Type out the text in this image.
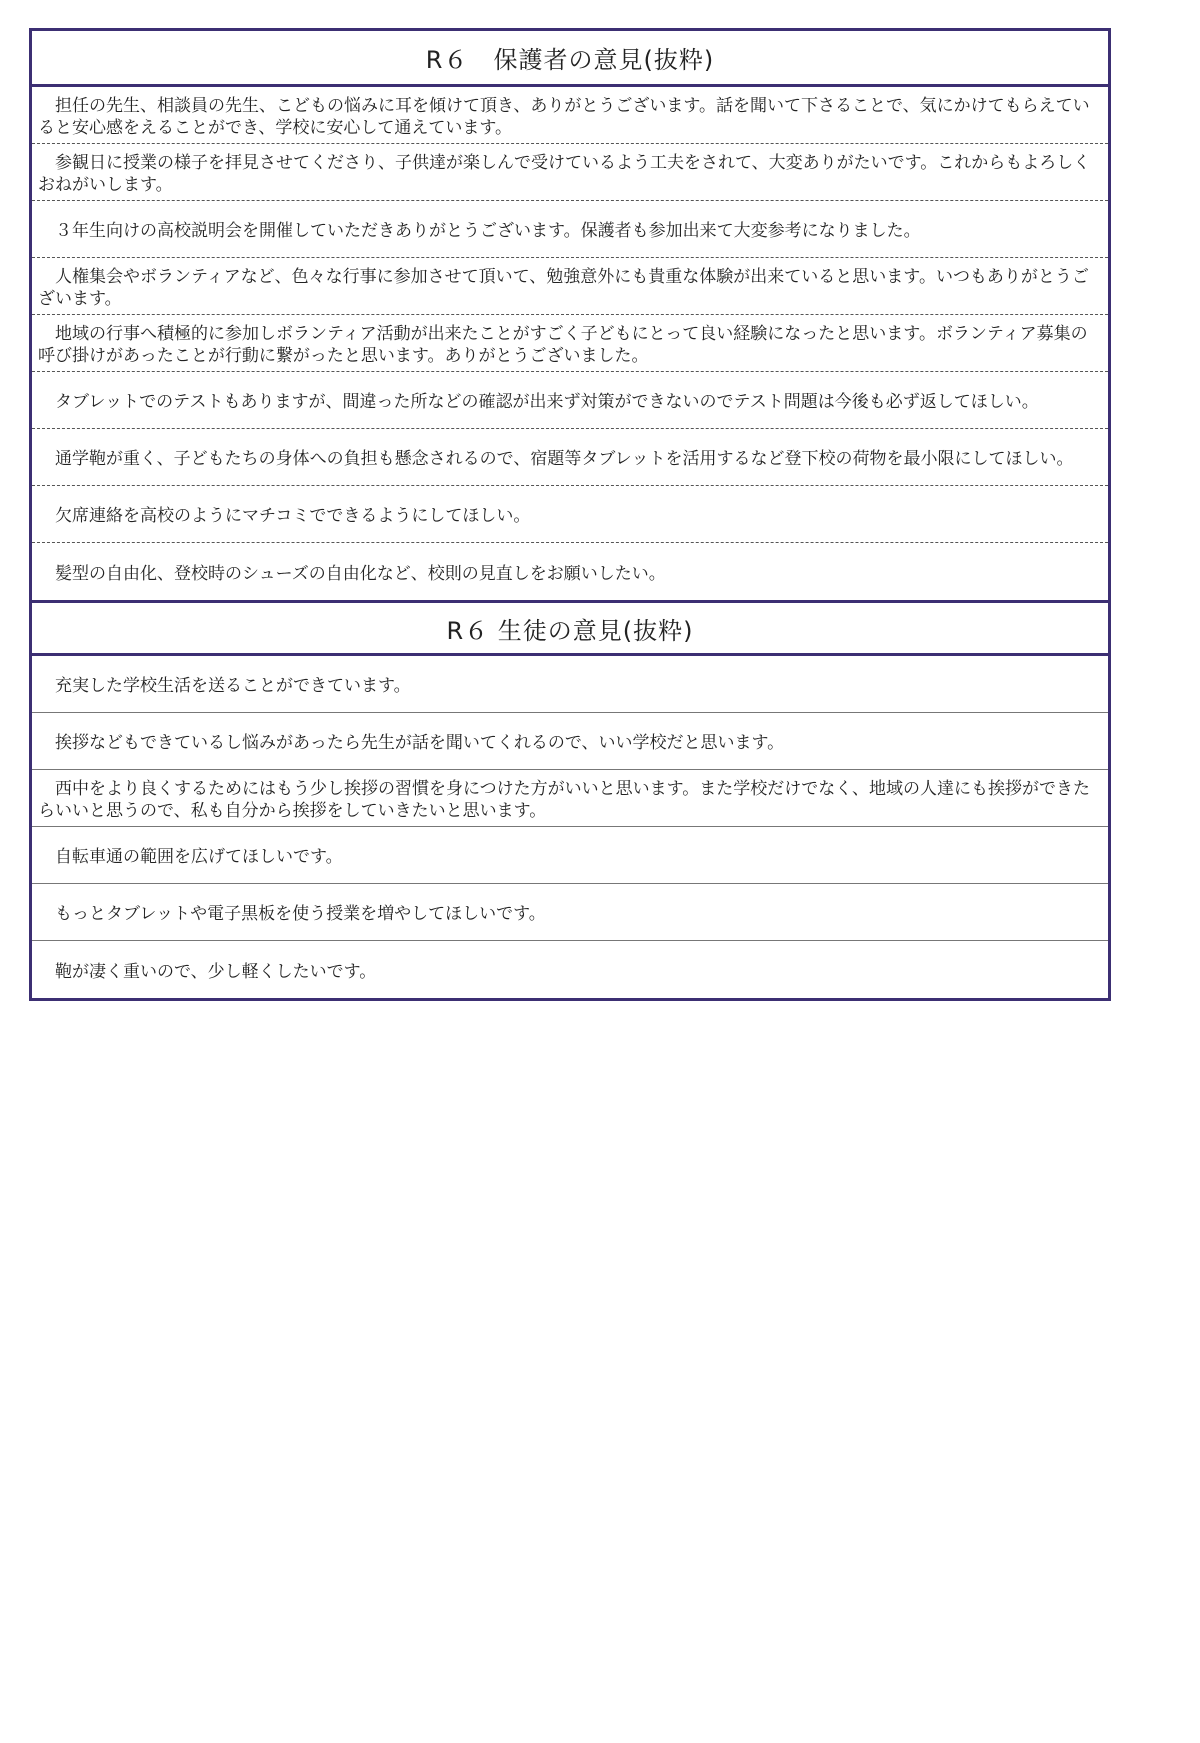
R６　保護者の意見(抜粋)
担任の先生、相談員の先生、こどもの悩みに耳を傾けて頂き、ありがとうございます。話を聞いて下さることで、気にかけてもらえていると安心感をえることができ、学校に安心して通えています。
参観日に授業の様子を拝見させてくださり、子供達が楽しんで受けているよう工夫をされて、大変ありがたいです。これからもよろしくおねがいします。
３年生向けの高校説明会を開催していただきありがとうございます。保護者も参加出来て大変参考になりました。
人権集会やボランティアなど、色々な行事に参加させて頂いて、勉強意外にも貴重な体験が出来ていると思います。いつもありがとうございます。
地域の行事へ積極的に参加しボランティア活動が出来たことがすごく子どもにとって良い経験になったと思います。ボランティア募集の呼び掛けがあったことが行動に繋がったと思います。ありがとうございました。
タブレットでのテストもありますが、間違った所などの確認が出来ず対策ができないのでテスト問題は今後も必ず返してほしい。
通学鞄が重く、子どもたちの身体への負担も懸念されるので、宿題等タブレットを活用するなど登下校の荷物を最小限にしてほしい。
欠席連絡を高校のようにマチコミでできるようにしてほしい。
髪型の自由化、登校時のシューズの自由化など、校則の見直しをお願いしたい。
R６ 生徒の意見(抜粋)
充実した学校生活を送ることができています。
挨拶などもできているし悩みがあったら先生が話を聞いてくれるので、いい学校だと思います。
西中をより良くするためにはもう少し挨拶の習慣を身につけた方がいいと思います。また学校だけでなく、地域の人達にも挨拶ができたらいいと思うので、私も自分から挨拶をしていきたいと思います。
自転車通の範囲を広げてほしいです。
もっとタブレットや電子黒板を使う授業を増やしてほしいです。
鞄が凄く重いので、少し軽くしたいです。
